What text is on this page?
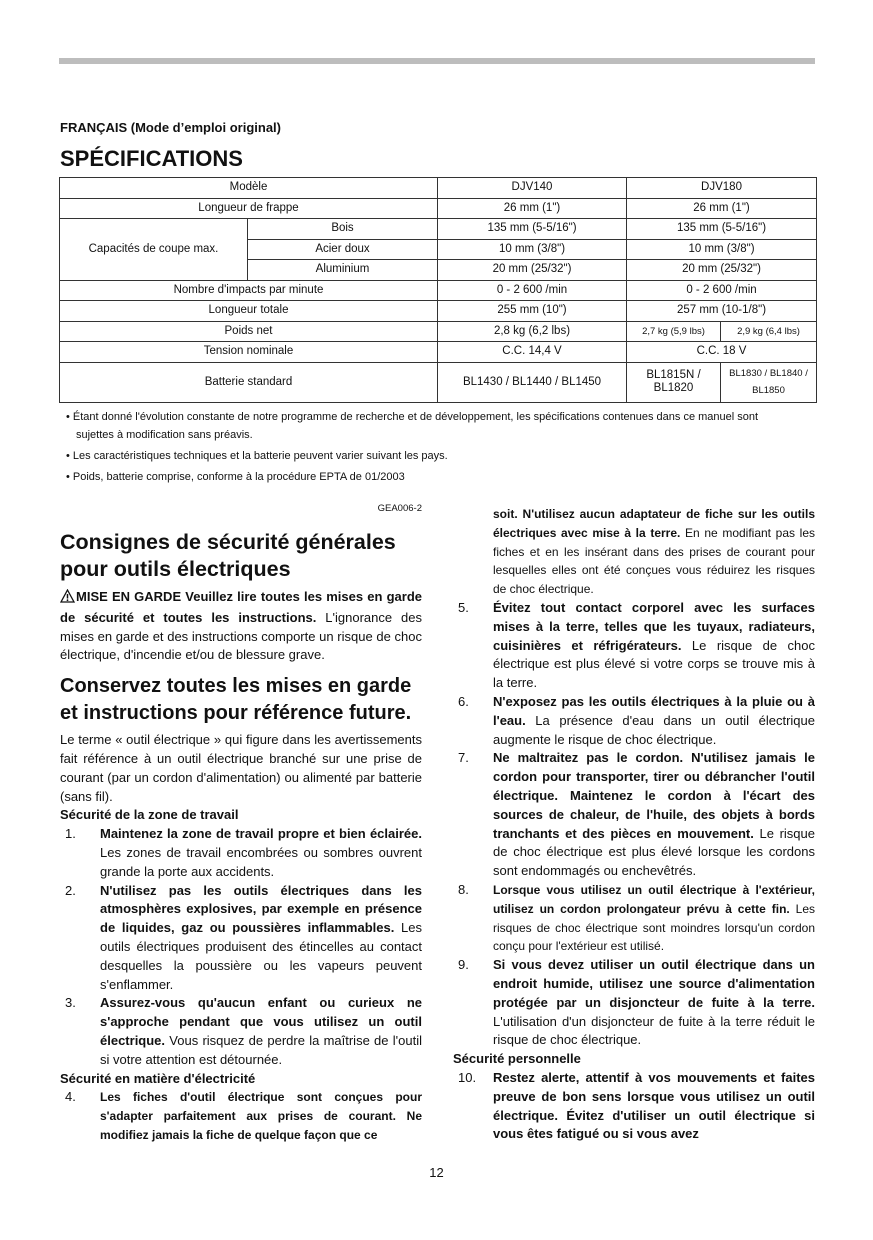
FRANÇAIS (Mode d’emploi original)
SPÉCIFICATIONS
Modèle		DJV140	DJV180	
Longueur de frappe		26 mm (1")	26 mm (1")	
Capacités de coupe max.	Bois	135 mm (5-5/16")	135 mm (5-5/16")	
	Acier doux	10 mm (3/8")	10 mm (3/8")	
	Aluminium	20 mm (25/32")	20 mm (25/32")	
Nombre d'impacts par minute		0 - 2 600 /min	0 - 2 600 /min	
Longueur totale		255 mm (10")	257 mm (10-1/8")	
Poids net		2,8 kg (6,2 lbs)	2,7 kg (5,9 lbs)	2,9 kg (6,4 lbs)
Tension nominale		C.C. 14,4 V	C.C. 18 V	
Batterie standard		BL1430 / BL1440 / BL1450	BL1815N / BL1820	BL1830 / BL1840 / BL1850

• Étant donné l'évolution constante de notre programme de recherche et de développement, les spécifications contenues dans ce manuel sont sujettes à modification sans préavis.

• Les caractéristiques techniques et la batterie peuvent varier suivant les pays.

• Poids, batterie comprise, conforme à la procédure EPTA de 01/2003

GEA006-2

Consignes de sécurité générales pour outils électriques

MISE EN GARDE Veuillez lire toutes les mises en garde de sécurité et toutes les instructions. L'ignorance des mises en garde et des instructions comporte un risque de choc électrique, d'incendie et/ou de blessure grave.

Conservez toutes les mises en garde et instructions pour référence future.

Le terme « outil électrique » qui figure dans les avertissements fait référence à un outil électrique branché sur une prise de courant (par un cordon d'alimentation) ou alimenté par batterie (sans fil).

Sécurité de la zone de travail

1.	Maintenez la zone de travail propre et bien éclairée. Les zones de travail encombrées ou sombres ouvrent grande la porte aux accidents.
2.	N'utilisez pas les outils électriques dans les atmosphères explosives, par exemple en présence de liquides, gaz ou poussières inflammables. Les outils électriques produisent des étincelles au contact desquelles la poussière ou les vapeurs peuvent s'enflammer.
3.	Assurez-vous qu'aucun enfant ou curieux ne s'approche pendant que vous utilisez un outil électrique. Vous risquez de perdre la maîtrise de l'outil si votre attention est détournée.

Sécurité en matière d'électricité

4.	Les fiches d'outil électrique sont conçues pour s'adapter parfaitement aux prises de courant. Ne modifiez jamais la fiche de quelque façon que ce

soit. N'utilisez aucun adaptateur de fiche sur les outils électriques avec mise à la terre. En ne modifiant pas les fiches et en les insérant dans des prises de courant pour lesquelles elles ont été conçues vous réduirez les risques de choc électrique.

5.	Évitez tout contact corporel avec les surfaces mises à la terre, telles que les tuyaux, radiateurs, cuisinières et réfrigérateurs. Le risque de choc électrique est plus élevé si votre corps se trouve mis à la terre.
6.	N'exposez pas les outils électriques à la pluie ou à l'eau. La présence d'eau dans un outil électrique augmente le risque de choc électrique.
7.	Ne maltraitez pas le cordon. N'utilisez jamais le cordon pour transporter, tirer ou débrancher l'outil électrique. Maintenez le cordon à l'écart des sources de chaleur, de l'huile, des objets à bords tranchants et des pièces en mouvement. Le risque de choc électrique est plus élevé lorsque les cordons sont endommagés ou enchevêtrés.
8.	Lorsque vous utilisez un outil électrique à l'extérieur, utilisez un cordon prolongateur prévu à cette fin. Les risques de choc électrique sont moindres lorsqu'un cordon conçu pour l'extérieur est utilisé.
9.	Si vous devez utiliser un outil électrique dans un endroit humide, utilisez une source d'alimentation protégée par un disjoncteur de fuite à la terre. L'utilisation d'un disjoncteur de fuite à la terre réduit le risque de choc électrique.

Sécurité personnelle

10.	Restez alerte, attentif à vos mouvements et faites preuve de bon sens lorsque vous utilisez un outil électrique. Évitez d'utiliser un outil électrique si vous êtes fatigué ou si vous avez
12
